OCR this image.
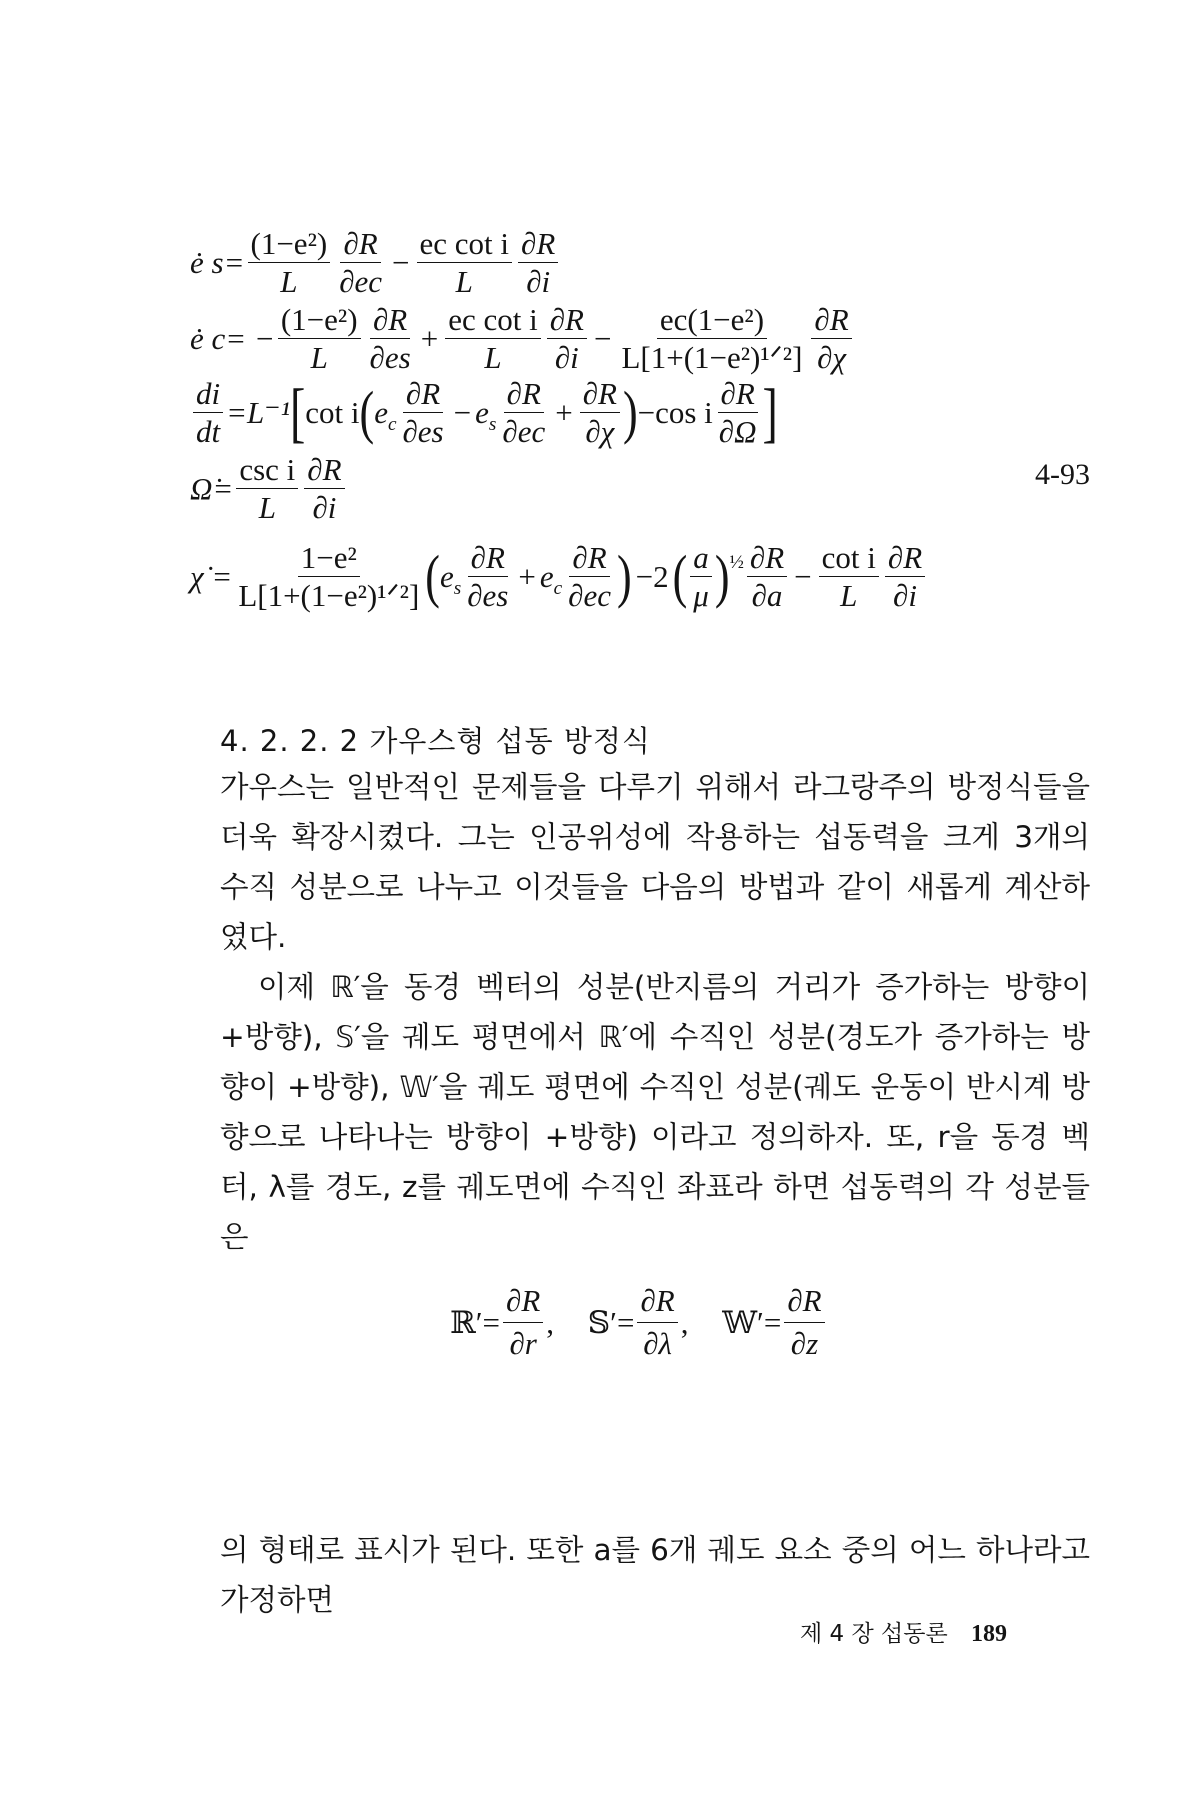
ė $s= \frac{\text{(1−e²)}}{L} \frac{\partial R}{\partial ec} - \frac{\text{ec cot i}}{L} \frac{\partial R}{\partial i}$
ė $c= - \frac{\text{(1−e²)}}{L} \frac{\partial R}{\partial es} + \frac{\text{ec cot i}}{L} \frac{\partial R}{\partial i} - \frac{\text{ec(1−e²)}}{\text{L[1+(1−e²)¹ᐟ²]}} \frac{\partial R}{\partial\chi}$
$\frac{di}{dt} =L^{-1}$ [ cot i ( $e_c \frac{\partial R}{\partial es} - e_s \frac{\partial R}{\partial ec} + \frac{\partial R}{\partial\chi}$ ) −cos i $\frac{\partial R}{\partial\Omega}$ ]
Ω̇= $\frac{\text{csc i}}{L} \frac{\partial R}{\partial i}$
χ̇ = $\frac{\text{1−e²}}{\text{L[1+(1−e²)¹ᐟ²]}}$ ( $e_s \frac{\partial R}{\partial es} + e_c \frac{\partial R}{\partial ec}$ ) −2 ( $\frac{a}{\mu} )^{\frac{1}{2}} \frac{\partial R}{\partial a} - \frac{\text{cot i}}{L} \frac{\partial R}{\partial i}$
4-93
4. 2. 2. 2 가우스형 섭동 방정식
가우스는 일반적인 문제들을 다루기 위해서 라그랑주의 방정식들을 더욱 확장시켰다. 그는 인공위성에 작용하는 섭동력을 크게 3개의 수직 성분으로 나누고 이것들을 다음의 방법과 같이 새롭게 계산하였다.
이제 ℝ′을 동경 벡터의 성분(반지름의 거리가 증가하는 방향이 +방향), 𝕊′을 궤도 평면에서 ℝ′에 수직인 성분(경도가 증가하는 방향이 +방향), 𝕎′을 궤도 평면에 수직인 성분(궤도 운동이 반시계 방향으로 나타나는 방향이 +방향) 이라고 정의하자. 또, r을 동경 벡터, λ를 경도, z를 궤도면에 수직인 좌표라 하면 섭동력의 각 성분들은
ℝ′= $\frac{\partial R}{\partial r}$ , 𝕊′= $\frac{\partial R}{\partial\lambda}$ , 𝕎′= $\frac{\partial R}{\partial z}$
의 형태로 표시가 된다. 또한 a를 6개 궤도 요소 중의 어느 하나라고 가정하면
제 4 장 섭동론 189
